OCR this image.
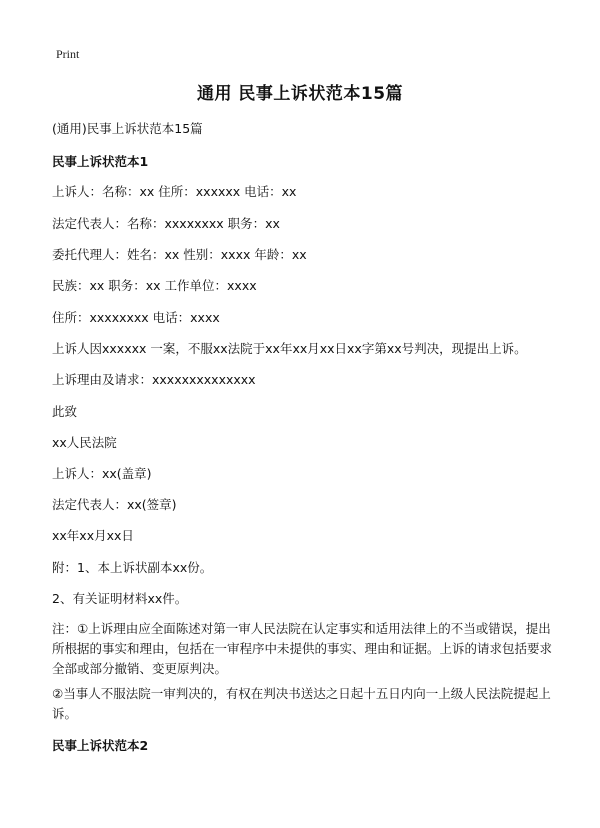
Print
通用 民事上诉状范本15篇
(通用)民事上诉状范本15篇
民事上诉状范本1
上诉人：名称：xx 住所：xxxxxx 电话：xx
法定代表人：名称：xxxxxxxx 职务：xx
委托代理人：姓名：xx 性别：xxxx 年龄：xx
民族：xx 职务：xx 工作单位：xxxx
住所：xxxxxxxx 电话：xxxx
上诉人因xxxxxx 一案，不服xx法院于xx年xx月xx日xx字第xx号判决，现提出上诉。
上诉理由及请求：xxxxxxxxxxxxxx
此致
xx人民法院
上诉人：xx(盖章)
法定代表人：xx(签章)
xx年xx月xx日
附：1、本上诉状副本xx份。
2、有关证明材料xx件。
注：①上诉理由应全面陈述对第一审人民法院在认定事实和适用法律上的不当或错误，提出所根据的事实和理由，包括在一审程序中未提供的事实、理由和证据。上诉的请求包括要求全部或部分撤销、变更原判决。
②当事人不服法院一审判决的，有权在判决书送达之日起十五日内向一上级人民法院提起上诉。
民事上诉状范本2
